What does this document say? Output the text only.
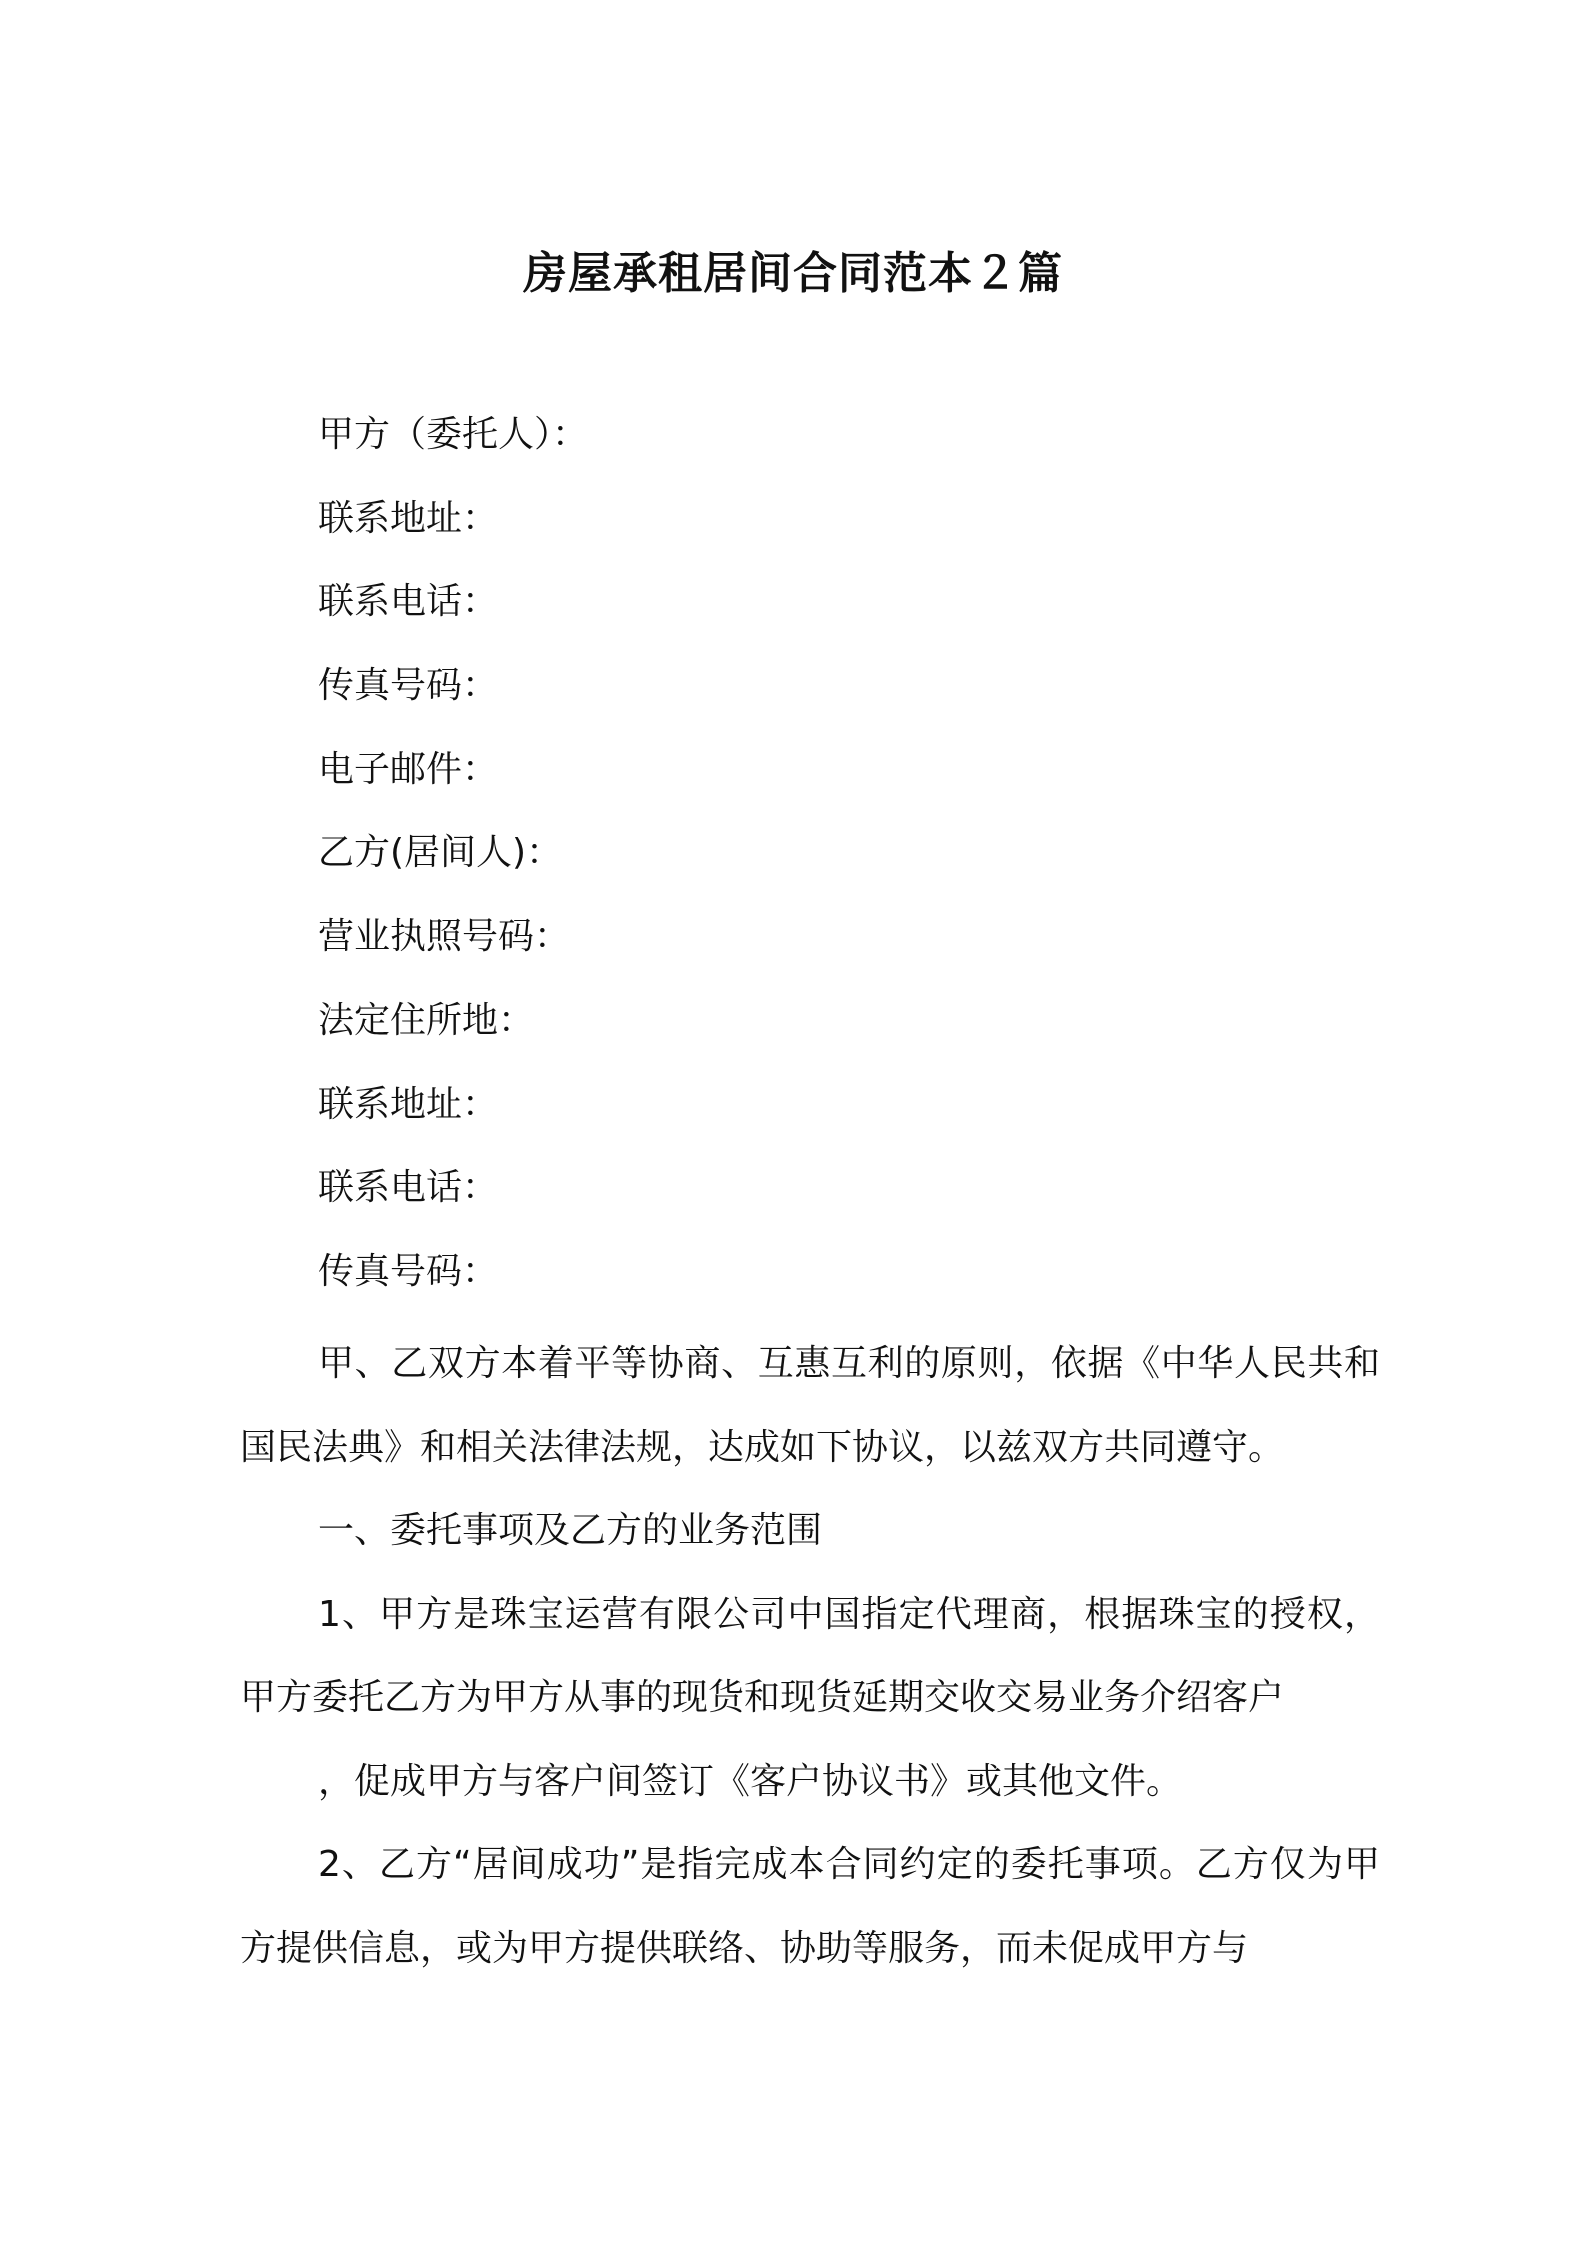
房屋承租居间合同范本２篇
甲方（委托人）：
联系地址：
联系电话：
传真号码：
电子邮件：
乙方(居间人)：
营业执照号码：
法定住所地：
联系地址：
联系电话：
传真号码：

甲、乙双方本着平等协商、互惠互利的原则，依据《中华人民共和国民法典》和相关法律法规，达成如下协议，以兹双方共同遵守。

一、委托事项及乙方的业务范围

1、甲方是珠宝运营有限公司中国指定代理商，根据珠宝的授权，甲方委托乙方为甲方从事的现货和现货延期交收交易业务介绍客户

，促成甲方与客户间签订《客户协议书》或其他文件。

2、乙方“居间成功”是指完成本合同约定的委托事项。乙方仅为甲方提供信息，或为甲方提供联络、协助等服务，而未促成甲方与
